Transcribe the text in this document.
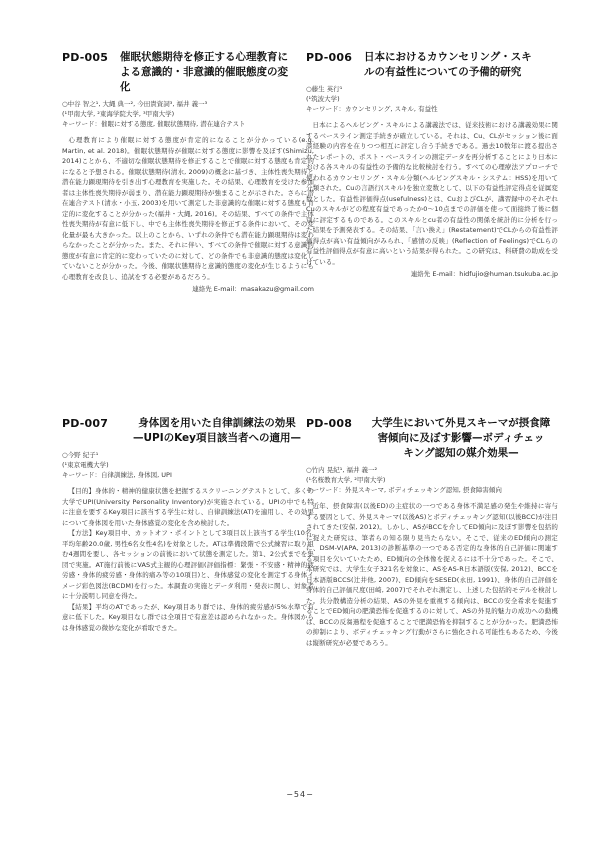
PD-005	催眠状態期待を修正する心理教育に
よる意識的・非意識的催眠態度の変
化
○中谷 智之¹, 大縄 典一², 今田貴資詞³, 福井 義一³
(¹甲南大学, ²東海学院大学, ³甲南大学)
キーワード：催眠に対する態度, 催眠状態期待, 潜在連合テスト

心理教育により催眠に対する態度が肯定的になることが分かっている(e.g. Martin, et al. 2018)。催眠状態期待が催眠に対する態度に影響を及ぼす(Shimizu, 2014)ことから、不適切な催眠状態期待を修正することで催眠に対する態度も肯定的になると予想される。催眠状態期待(清水, 2009)の概念に基づき、主体性喪失期待と潜在能力顕現期待を引き出す心理教育を実施した。その結果、心理教育を受けた参加者は主体性喪失期待が弱まり、潜在能力顕現期待が強まることが示された。さらに潜在連合テスト(清水・小玉, 2003)を用いて測定した非意識的な催眠に対する態度も肯定的に変化することが分かった(福井・大縄, 2016)。その結果、すべての条件で主体性喪失期待が有意に低下し、中でも主体性喪失期待を修正する条件において、その変化量が最も大きかった。以上のことから、いずれの条件でも潜在能力顕現期待は変わらなかったことが分かった。また、それに伴い、すべての条件で催眠に対する意識的態度が有意に肯定的に変わっていたのに対して、どの条件でも非意識的態度は変化していないことが分かった。今後、催眠状態期待と意識的態度の変化が生じるようにも心理教育を改良し、追試をする必要があるだろう。

連絡先 E-mail：masakazu@gmail.com
PD-006	日本におけるカウンセリング・スキ
ルの有益性についての予備的研究
○藤生 英行¹
(¹筑波大学)
キーワード：カウンセリング, スキル, 有益性

日本によるヘルピング・スキルによる講義法では、従来技術における講義効果に関するベースライン測定手続きが確立している。それは、Cu、CLがセッション後に面談経験の内容を在りつつ相互に評定し合う手続きである。過去10数年に渡る提出されたレポートの、ポスト・ベースラインの測定データを再分析することにより日本における各スキルの有益性の予備的な比較検討を行う。すべての心理療法アプローチで使われるカウンセリング・スキル分類(ヘルピングスキル・システム：HSS)を用いて分類された。Cuの言語行(スキル)を独立変数として、以下の有益性評定得点を従属変数とした。有益性評価得点(usefulness)とは、CuおよびCLが、講習録中のそれぞれCuのスキルがどの程度有益であったか0〜10点までの評価を使って面接終了後に個別に評定するものである。このスキルとcu者の有益性の関係を統計的に分析を行った結果を予測発表する。その結果、「言い換え」(Restatement)でCLからの有益性評価得点が高い有益傾向がみられ、「感情の反映」(Reflection of Feelings)でCLらの有益性評価得点が有意に高いという結果が得られた。この研究は、科研費の助成を受けている。

連絡先 E-mail：hidfujio@human.tsukuba.ac.jp
PD-007	身体図を用いた自律訓練法の効果
—UPIのKey項目該当者への適用—
○今野 紀子¹
(¹東京電機大学)
キーワード：自律訓練法, 身体図, UPI

【目的】身体的・精神的健康状態を把握するスクリーニングテストとして、多くの大学でUPI(University Personality Inventory)が実施されている。UPIの中でも特に注意を要するKey項目に該当する学生に対し、自律訓練法(AT)を適用し、その効果について身体図を用いた身体感覚の変化を含め検討した。

【方法】Key項目中、カットオフ・ポイントとして3項目以上該当する学生(10名, 平均年齢20.0歳, 男性6名女性4名)を対象とした。ATは準備段階で公式練習に取り組む4週間を要し、各セッションの前後において状態を測定した。第1、2公式までを集団で実施。AT施行前後にVAS式主観的心理評価(評価指標：緊張・不安感・精神的疲労感・身体的疲労感・身体的痛み等の10項目)と、身体感覚の変化を測定する身体イメージ彩色図法(BCDM)を行った。本調査の実施とデータ利用・発表に関し、対象者に十分説明し同意を得た。

【結果】平均のATであったが、Key項目あり群では、身体的疲労感が5%水準で有意に低下した。Key項目なし群では全項目で有意差は認められなかった。身体図からは身体感覚の微妙な変化が看取できた。

PD-008	大学生において外見スキーマが摂食障
害傾向に及ぼす影響—ボディチェッ
キング認知の媒介効果—
○竹内 晃紀¹, 福井 義一²
(¹名桜教育大学, ²甲南大学)
キーワード：外見スキーマ, ボディチェッキング認知, 摂食障害傾向

近年、摂食障害(以後ED)の主症状の一つである身体不満足感の発生や維持に寄与する要因として、外見スキーマ(以後AS)とボディチェッキング認知(以後BCC)が注目されてきた(安保, 2012)。しかし、ASがBCCを介してED傾向に及ぼす影響を包括的に捉えた研究は、筆者らの知る限り見当たらない。そこで、従来のED傾向の測定に、DSM-V(APA, 2013)の診断基準の一つである否定的な身体的自己評価に関連する項目を欠いていたため、ED傾向の全体像を捉えるには不十分であった。そこで、本研究では、大学生女子321名を対象に、ASをAS-R日本語版(安保, 2012)、BCCを日本語版BCCS(辻井他, 2007)、ED傾向をSESED(永田, 1991)、身体的自己評価を身体的自己評価尺度(田崎, 2007)でそれぞれ測定し、上述した包括的モデルを検討した。共分散構造分析の結果、ASの外見を重視する傾向は、BCCの安全希求を促進することでED傾向の肥満恐怖を促進するのに対して、ASの外見的魅力の成功への動機は、BCCの反芻過程を促進することで肥満恐怖を抑制することが分かった。肥満恐怖の抑制により、ボディチェッキング行動がさらに強化される可能性もあるため、今後は縦断研究が必要であろう。

−54−
